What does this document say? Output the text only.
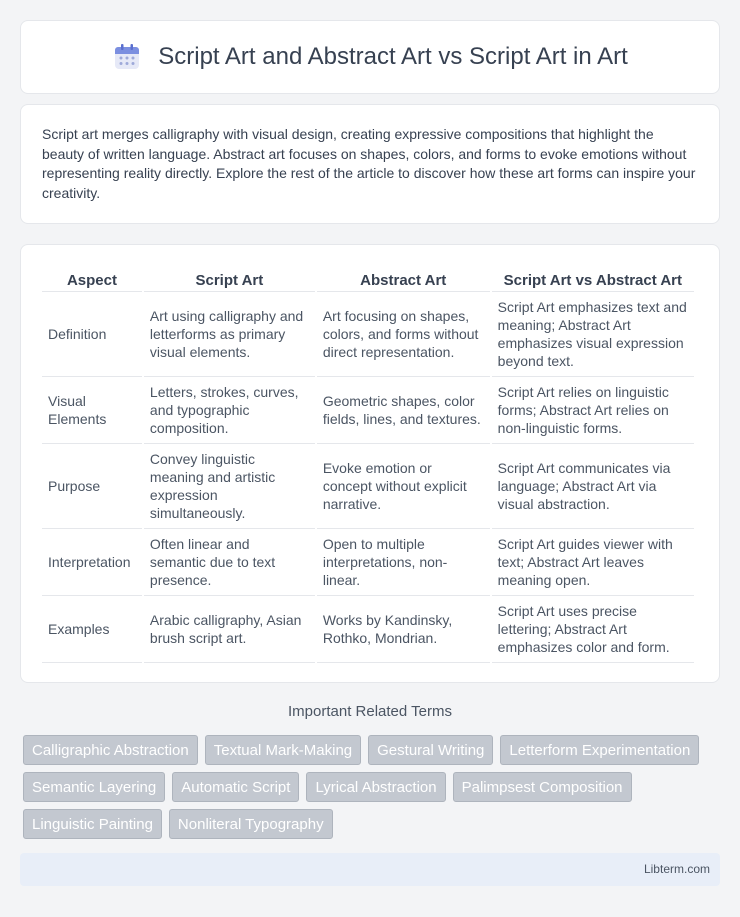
Script Art and Abstract Art vs Script Art in Art

Script art merges calligraphy with visual design, creating expressive compositions that highlight the beauty of written language. Abstract art focuses on shapes, colors, and forms to evoke emotions without representing reality directly. Explore the rest of the article to discover how these art forms can inspire your creativity.

Aspect	Script Art	Abstract Art	Script Art vs Abstract Art
Definition	Art using calligraphy and letterforms as primary visual elements.	Art focusing on shapes, colors, and forms without direct representation.	Script Art emphasizes text and meaning; Abstract Art emphasizes visual expression beyond text.
Visual Elements	Letters, strokes, curves, and typographic composition.	Geometric shapes, color fields, lines, and textures.	Script Art relies on linguistic forms; Abstract Art relies on non-linguistic forms.
Purpose	Convey linguistic meaning and artistic expression simultaneously.	Evoke emotion or concept without explicit narrative.	Script Art communicates via language; Abstract Art via visual abstraction.
Interpretation	Often linear and semantic due to text presence.	Open to multiple interpretations, non-linear.	Script Art guides viewer with text; Abstract Art leaves meaning open.
Examples	Arabic calligraphy, Asian brush script art.	Works by Kandinsky, Rothko, Mondrian.	Script Art uses precise lettering; Abstract Art emphasizes color and form.
Important Related Terms
Calligraphic Abstraction	Textual Mark-Making	Gestural Writing	Letterform Experimentation
Semantic Layering	Automatic Script	Lyrical Abstraction	Palimpsest Composition
Linguistic Painting	Nonliteral Typography
Libterm.com
